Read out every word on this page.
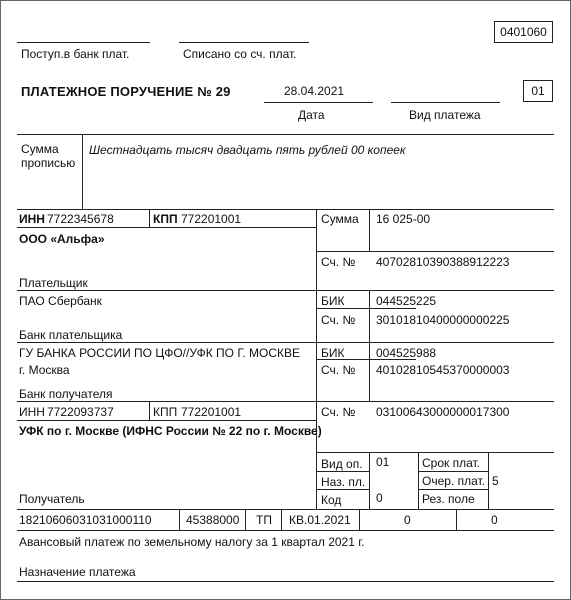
0401060
Поступ.в банк плат.	Списано со сч. плат.
ПЛАТЕЖНОЕ ПОРУЧЕНИЕ № 29	28.04.2021
Дата	Вид платежа
01
Сумма
прописью
Шестнадцать тысяч двадцать пять рублей 00 копеек
ИНН 7722345678	КПП 772201001
ООО «Альфа»
Плательщик
Сумма 16 025-00
Сч. № 40702810390388912223
ПАО Сбербанк
Банк плательщика
БИК	044525225
Сч. № 30101810400000000225
ГУ БАНКА РОССИИ ПО ЦФО//УФК ПО Г. МОСКВЕ
г. Москва
Банк получателя
БИК	004525988
Сч. № 40102810545370000003
ИНН 7722093737	КПП 772201001
УФК по г. Москве (ИФНС России № 22 по г. Москве)
Получатель
Сч. № 03100643000000017300
Вид оп. 01
Наз. пл.
Код	0
Срок плат.
Очер. плат. 5
Рез. поле
18210606031031000110	45388000 ТП КВ.01.2021	0	0
Авансовый платеж по земельному налогу за 1 квартал 2021 г.
Назначение платежа
